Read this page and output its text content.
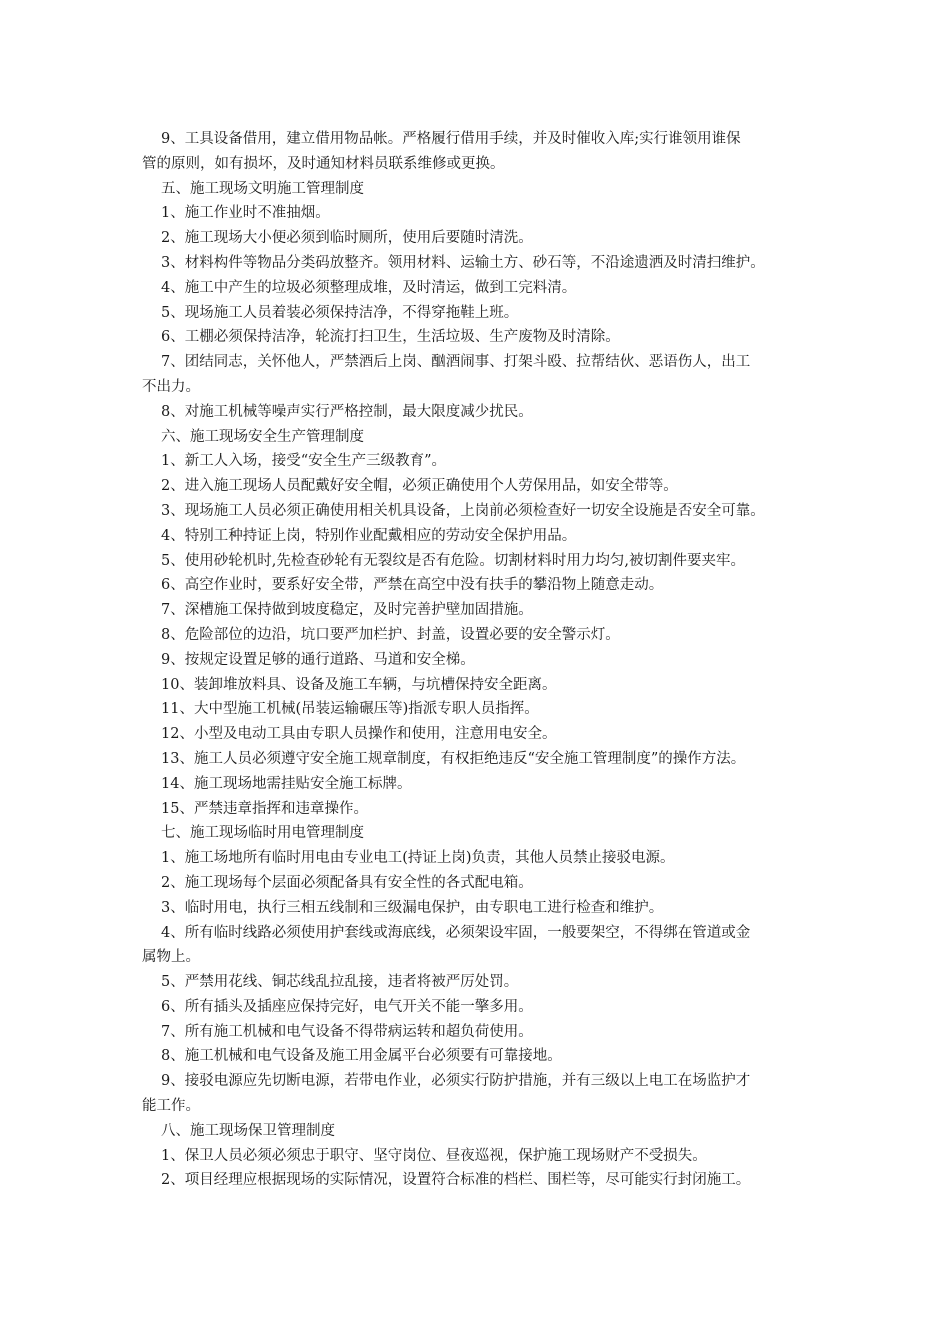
9、工具设备借用，建立借用物品帐。严格履行借用手续，并及时催收入库;实行谁领用谁保
管的原则，如有损坏，及时通知材料员联系维修或更换。
五、施工现场文明施工管理制度
1、施工作业时不准抽烟。
2、施工现场大小便必须到临时厕所，使用后要随时清洗。
3、材料构件等物品分类码放整齐。领用材料、运输土方、砂石等，不沿途遗洒及时清扫维护。
4、施工中产生的垃圾必须整理成堆，及时清运，做到工完料清。
5、现场施工人员着装必须保持洁净，不得穿拖鞋上班。
6、工棚必须保持洁净，轮流打扫卫生，生活垃圾、生产废物及时清除。
7、团结同志，关怀他人，严禁酒后上岗、酗酒闹事、打架斗殴、拉帮结伙、恶语伤人，出工
不出力。
8、对施工机械等噪声实行严格控制，最大限度减少扰民。
六、施工现场安全生产管理制度
1、新工人入场，接受“安全生产三级教育”。
2、进入施工现场人员配戴好安全帽，必须正确使用个人劳保用品，如安全带等。
3、现场施工人员必须正确使用相关机具设备，上岗前必须检查好一切安全设施是否安全可靠。
4、特别工种持证上岗，特别作业配戴相应的劳动安全保护用品。
5、使用砂轮机时,先检查砂轮有无裂纹是否有危险。切割材料时用力均匀,被切割件要夹牢。
6、高空作业时，要系好安全带，严禁在高空中没有扶手的攀沿物上随意走动。
7、深槽施工保持做到坡度稳定，及时完善护壁加固措施。
8、危险部位的边沿，坑口要严加栏护、封盖，设置必要的安全警示灯。
9、按规定设置足够的通行道路、马道和安全梯。
10、装卸堆放料具、设备及施工车辆，与坑槽保持安全距离。
11、大中型施工机械(吊装运输碾压等)指派专职人员指挥。
12、小型及电动工具由专职人员操作和使用，注意用电安全。
13、施工人员必须遵守安全施工规章制度，有权拒绝违反“安全施工管理制度”的操作方法。
14、施工现场地需挂贴安全施工标牌。
15、严禁违章指挥和违章操作。
七、施工现场临时用电管理制度
1、施工场地所有临时用电由专业电工(持证上岗)负责，其他人员禁止接驳电源。
2、施工现场每个层面必须配备具有安全性的各式配电箱。
3、临时用电，执行三相五线制和三级漏电保护，由专职电工进行检查和维护。
4、所有临时线路必须使用护套线或海底线，必须架设牢固，一般要架空，不得绑在管道或金
属物上。
5、严禁用花线、铜芯线乱拉乱接，违者将被严厉处罚。
6、所有插头及插座应保持完好，电气开关不能一擎多用。
7、所有施工机械和电气设备不得带病运转和超负荷使用。
8、施工机械和电气设备及施工用金属平台必须要有可靠接地。
9、接驳电源应先切断电源，若带电作业，必须实行防护措施，并有三级以上电工在场监护才
能工作。
八、施工现场保卫管理制度
1、保卫人员必须必须忠于职守、坚守岗位、昼夜巡视，保护施工现场财产不受损失。
2、项目经理应根据现场的实际情况，设置符合标准的档栏、围栏等，尽可能实行封闭施工。
